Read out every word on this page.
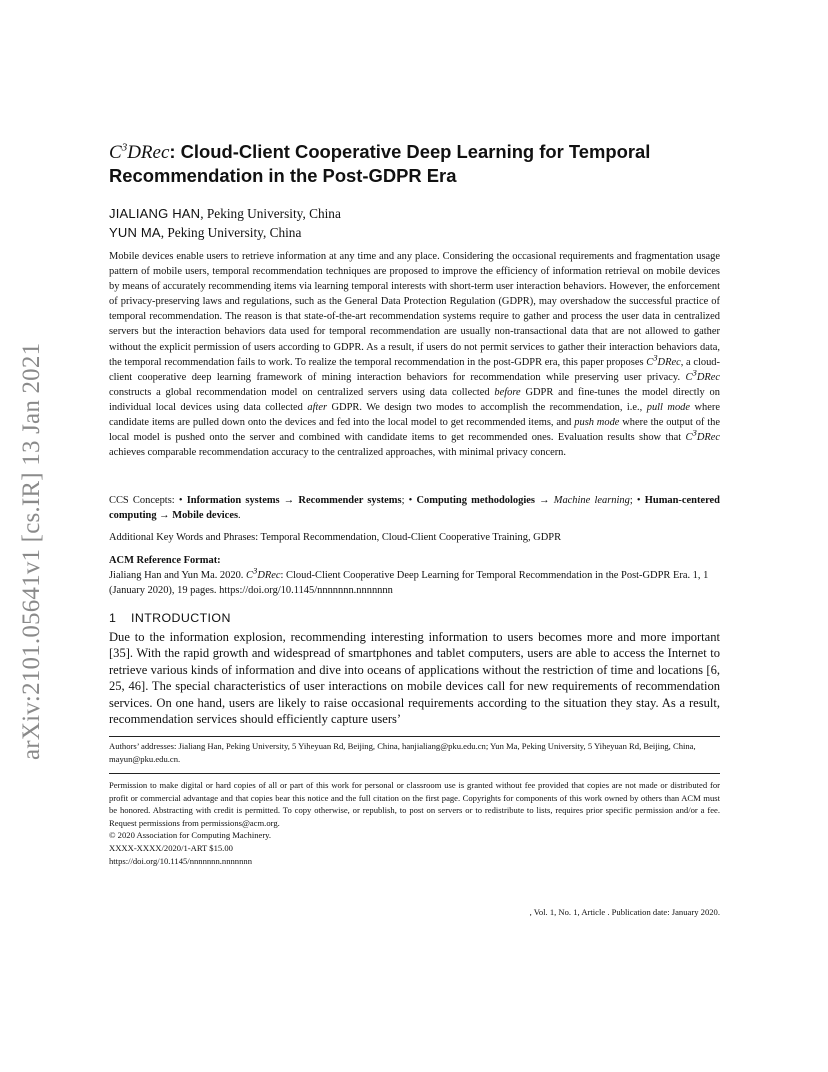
arXiv:2101.05641v1 [cs.IR] 13 Jan 2021
$C^3DRec$: Cloud-Client Cooperative Deep Learning for Temporal Recommendation in the Post-GDPR Era
JIALIANG HAN, Peking University, China
YUN MA, Peking University, China

Mobile devices enable users to retrieve information at any time and any place. Considering the occasional requirements and fragmentation usage pattern of mobile users, temporal recommendation techniques are proposed to improve the efficiency of information retrieval on mobile devices by means of accurately recommending items via learning temporal interests with short-term user interaction behaviors. However, the enforcement of privacy-preserving laws and regulations, such as the General Data Protection Regulation (GDPR), may overshadow the successful practice of temporal recommendation. The reason is that state-of-the-art recommendation systems require to gather and process the user data in centralized servers but the interaction behaviors data used for temporal recommendation are usually non-transactional data that are not allowed to gather without the explicit permission of users according to GDPR. As a result, if users do not permit services to gather their interaction behaviors data, the temporal recommendation fails to work. To realize the temporal recommendation in the post-GDPR era, this paper proposes $C^3DRec$, a cloud-client cooperative deep learning framework of mining interaction behaviors for recommendation while preserving user privacy. $C^3DRec$ constructs a global recommendation model on centralized servers using data collected before GDPR and fine-tunes the model directly on individual local devices using data collected after GDPR. We design two modes to accomplish the recommendation, i.e., pull mode where candidate items are pulled down onto the devices and fed into the local model to get recommended items, and push mode where the output of the local model is pushed onto the server and combined with candidate items to get recommended ones. Evaluation results show that $C^3DRec$ achieves comparable recommendation accuracy to the centralized approaches, with minimal privacy concern.

CCS Concepts: • Information systems → Recommender systems; • Computing methodologies → Machine learning; • Human-centered computing → Mobile devices.
Additional Key Words and Phrases: Temporal Recommendation, Cloud-Client Cooperative Training, GDPR
ACM Reference Format:
Jialiang Han and Yun Ma. 2020. $C^3DRec$: Cloud-Client Cooperative Deep Learning for Temporal Recommendation in the Post-GDPR Era. 1, 1 (January 2020), 19 pages. https://doi.org/10.1145/nnnnnnn.nnnnnnn
1 INTRODUCTION

Due to the information explosion, recommending interesting information to users becomes more and more important [35]. With the rapid growth and widespread of smartphones and tablet computers, users are able to access the Internet to retrieve various kinds of information and dive into oceans of applications without the restriction of time and locations [6, 25, 46]. The special characteristics of user interactions on mobile devices call for new requirements of recommendation services. On one hand, users are likely to raise occasional requirements according to the situation they stay. As a result, recommendation services should efficiently capture users’

Authors’ addresses: Jialiang Han, Peking University, 5 Yiheyuan Rd, Beijing, China, hanjialiang@pku.edu.cn; Yun Ma, Peking University, 5 Yiheyuan Rd, Beijing, China, mayun@pku.edu.cn.

Permission to make digital or hard copies of all or part of this work for personal or classroom use is granted without fee provided that copies are not made or distributed for profit or commercial advantage and that copies bear this notice and the full citation on the first page. Copyrights for components of this work owned by others than ACM must be honored. Abstracting with credit is permitted. To copy otherwise, or republish, to post on servers or to redistribute to lists, requires prior specific permission and/or a fee. Request permissions from permissions@acm.org.

© 2020 Association for Computing Machinery.

XXXX-XXXX/2020/1-ART $15.00

https://doi.org/10.1145/nnnnnnn.nnnnnnn

, Vol. 1, No. 1, Article . Publication date: January 2020.
